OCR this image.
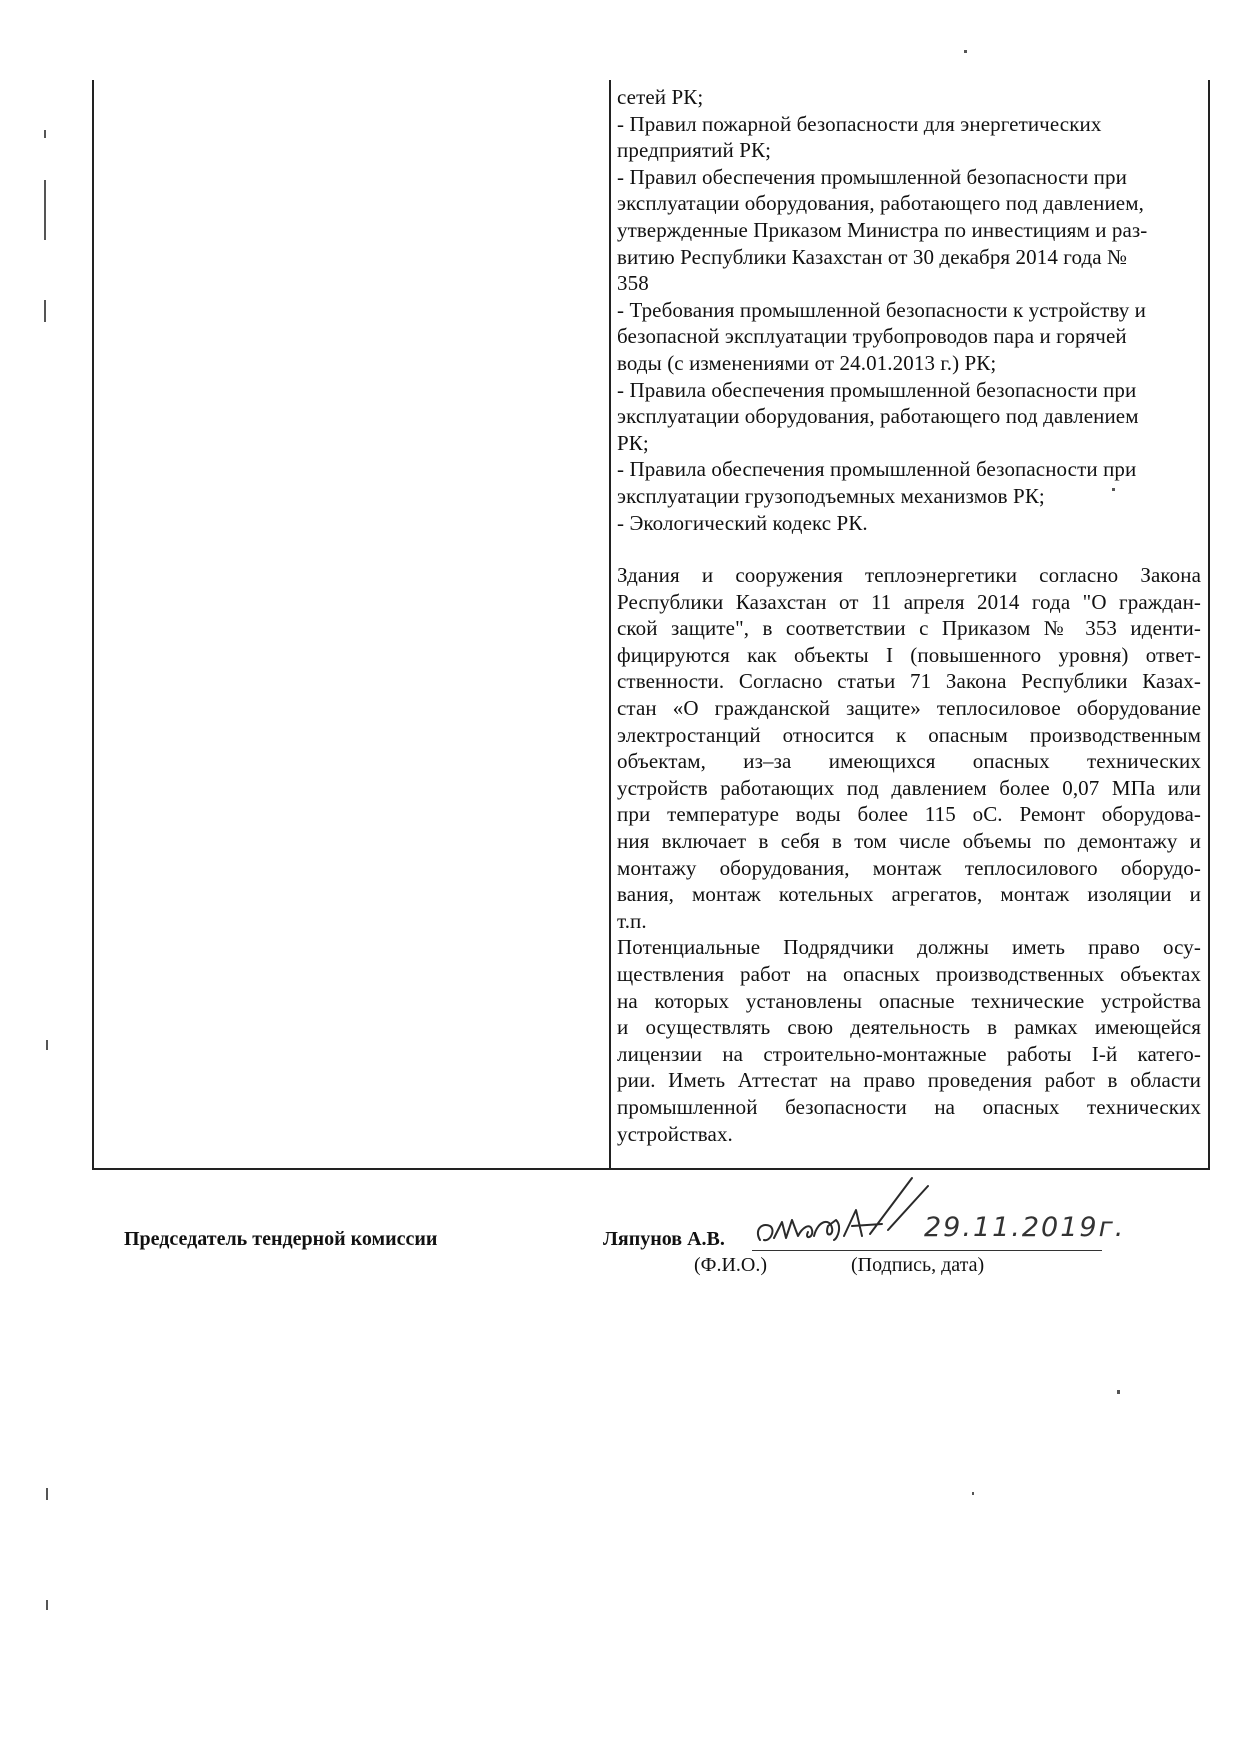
сетей РК;
- Правил пожарной безопасности для энергетических
предприятий РК;
- Правил обеспечения промышленной безопасности при
эксплуатации оборудования, работающего под давлением,
утвержденные Приказом Министра по инвестициям и раз-
витию Республики Казахстан от 30 декабря 2014 года №
358
- Требования промышленной безопасности к устройству и
безопасной эксплуатации трубопроводов пара и горячей
воды (с изменениями от 24.01.2013 г.) РК;
- Правила обеспечения промышленной безопасности при
эксплуатации оборудования, работающего под давлением
РК;
- Правила обеспечения промышленной безопасности при
эксплуатации грузоподъемных механизмов РК;
- Экологический кодекс РК.
Здания и сооружения теплоэнергетики согласно Закона
Республики Казахстан от 11 апреля 2014 года "О граждан-
ской защите", в соответствии с Приказом № 353 иденти-
фицируются как объекты I (повышенного уровня) ответ-
ственности. Согласно статьи 71 Закона Республики Казах-
стан «О гражданской защите» теплосиловое оборудование
электростанций относится к опасным производственным
объектам, из–за имеющихся опасных технических
устройств работающих под давлением более 0,07 МПа или
при температуре воды более 115 оС. Ремонт оборудова-
ния включает в себя в том числе объемы по демонтажу и
монтажу оборудования, монтаж теплосилового оборудо-
вания, монтаж котельных агрегатов, монтаж изоляции и
т.п.
Потенциальные Подрядчики должны иметь право осу-
ществления работ на опасных производственных объектах
на которых установлены опасные технические устройства
и осуществлять свою деятельность в рамках имеющейся
лицензии на строительно-монтажные работы I-й катего-
рии. Иметь Аттестат на право проведения работ в области
промышленной безопасности на опасных технических
устройствах.
Председатель тендерной комиссии	Ляпунов А.В.	29.11.2019г.
(Ф.И.О.)	(Подпись, дата)
